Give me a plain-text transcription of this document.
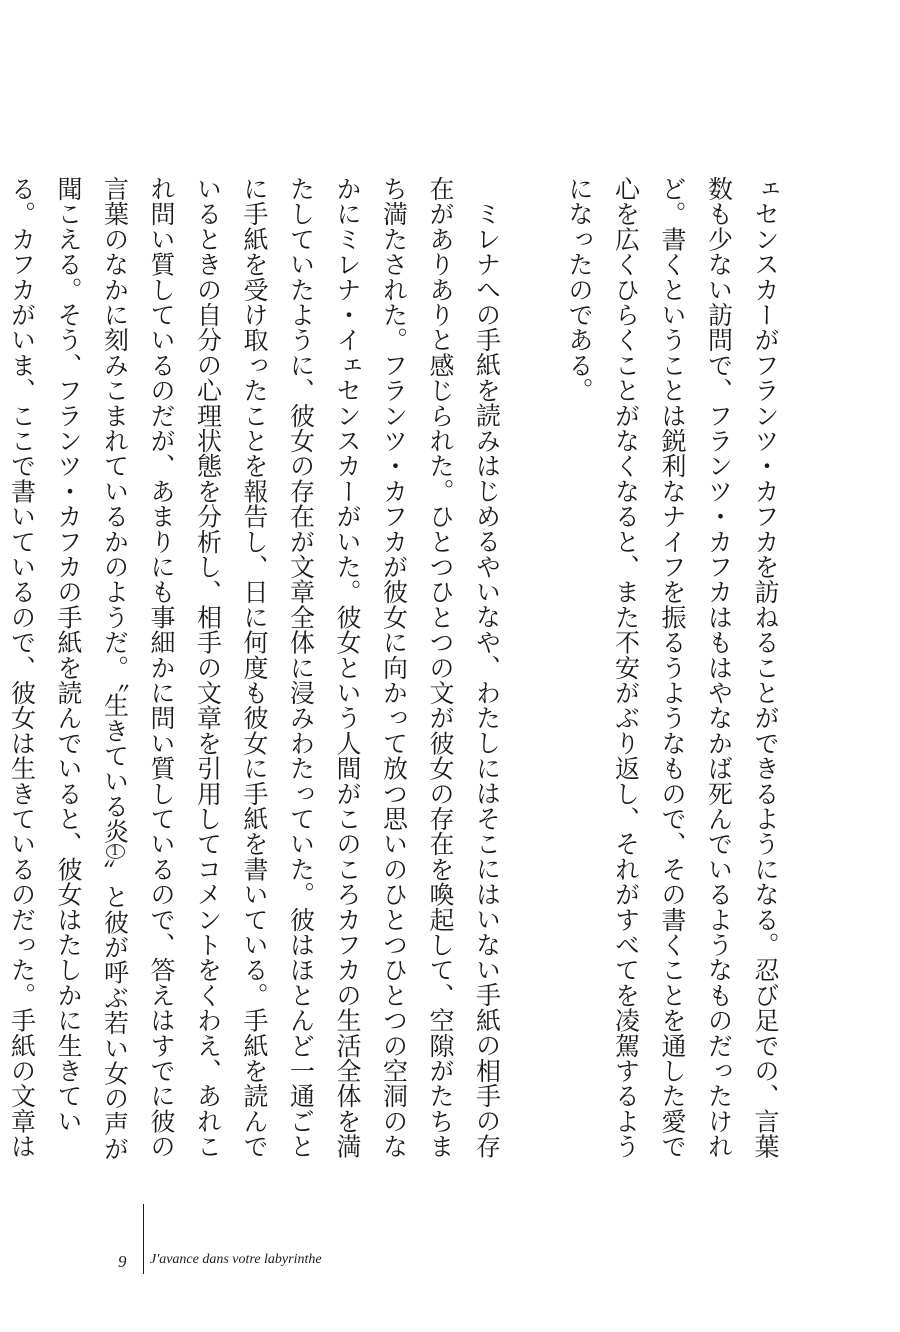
ェセンスカーがフランツ・カフカを訪ねることができるようになる。忍び足での、言葉数も少ない訪問で、フランツ・カフカはもはやなかば死んでいるようなものだったけれど。書くということは鋭利なナイフを振るうようなもので、その書くことを通した愛で心を広くひらくことがなくなると、また不安がぶり返し、それがすべてを凌駕するようになったのである。

ミレナへの手紙を読みはじめるやいなや、わたしにはそこにはいない手紙の相手の存在がありありと感じられた。ひとつひとつの文が彼女の存在を喚起して、空隙がたちまち満たされた。フランツ・カフカが彼女に向かって放つ思いのひとつひとつの空洞のなかにミレナ・イェセンスカーがいた。彼女という人間がこのころカフカの生活全体を満たしていたように、彼女の存在が文章全体に浸みわたっていた。彼はほとんど一通ごとに手紙を受け取ったことを報告し、日に何度も彼女に手紙を書いている。手紙を読んでいるときの自分の心理状態を分析し、相手の文章を引用してコメントをくわえ、あれこれ問い質しているのだが、あまりにも事細かに問い質しているので、答えはすでに彼の言葉のなかに刻みこまれているかのようだ。〝生きている炎1〟と彼が呼ぶ若い女の声が聞こえる。そう、フランツ・カフカの手紙を読んでいると、彼女はたしかに生きている。カフカがいま、ここで書いているので、彼女は生きているのだった。手紙の文章は

9 J'avance dans votre labyrinthe
